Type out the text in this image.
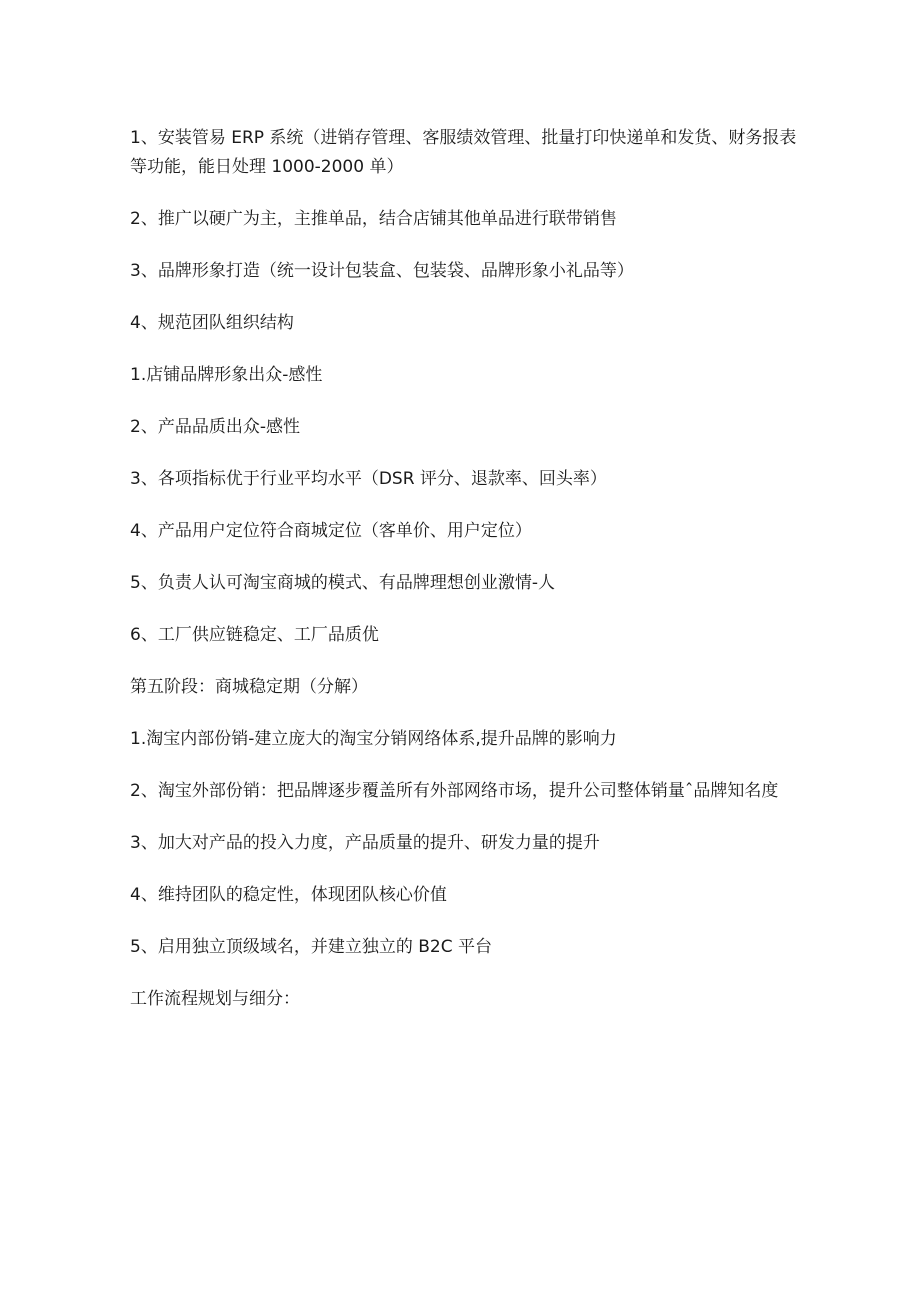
1、安装管易 ERP 系统（进销存管理、客服绩效管理、批量打印快递单和发货、财务报表等功能，能日处理 1000-2000 单）

2、推广以硬广为主，主推单品，结合店铺其他单品进行联带销售

3、品牌形象打造（统一设计包装盒、包装袋、品牌形象小礼品等）

4、规范团队组织结构

1.店铺品牌形象出众-感性

2、产品品质出众-感性

3、各项指标优于行业平均水平（DSR 评分、退款率、回头率）

4、产品用户定位符合商城定位（客单价、用户定位）

5、负责人认可淘宝商城的模式、有品牌理想创业激情-人

6、工厂供应链稳定、工厂品质优

第五阶段：商城稳定期（分解）

1.淘宝内部份销-建立庞大的淘宝分销网络体系,提升品牌的影响力

2、淘宝外部份销：把品牌逐步覆盖所有外部网络市场，提升公司整体销量ˆ品牌知名度

3、加大对产品的投入力度，产品质量的提升、研发力量的提升

4、维持团队的稳定性，体现团队核心价值

5、启用独立顶级域名，并建立独立的 B2C 平台

工作流程规划与细分：
